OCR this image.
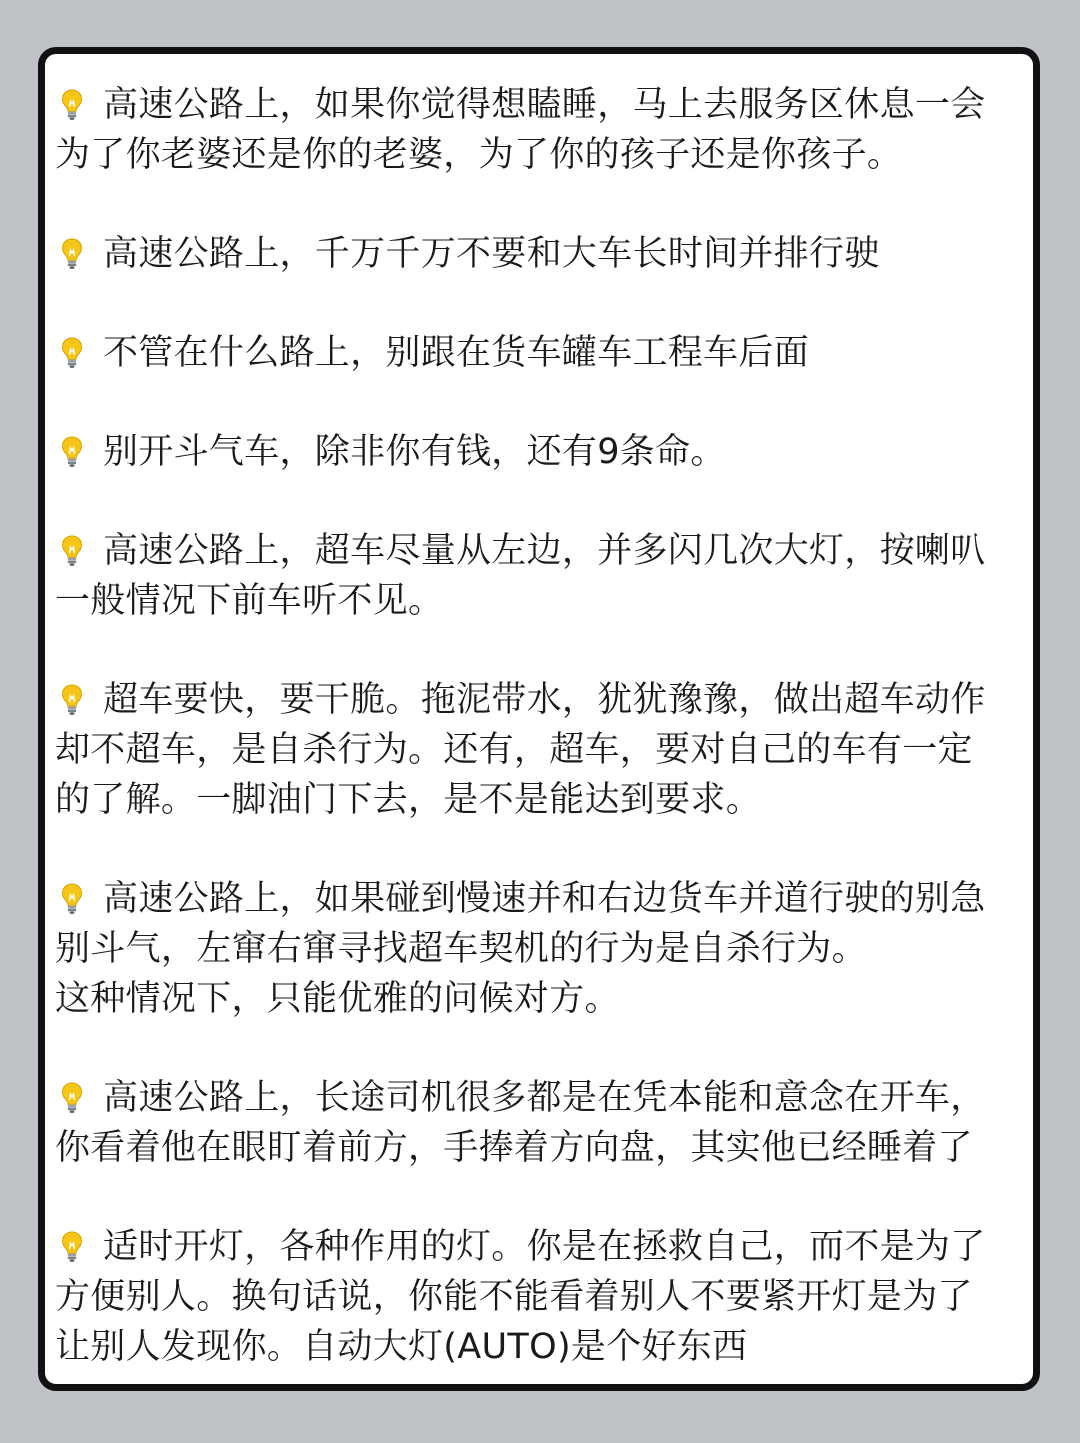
高速公路上，如果你觉得想瞌睡，马上去服务区休息一会
为了你老婆还是你的老婆，为了你的孩子还是你孩子。
高速公路上，千万千万不要和大车长时间并排行驶
不管在什么路上，别跟在货车罐车工程车后面
别开斗气车，除非你有钱，还有9条命。
高速公路上，超车尽量从左边，并多闪几次大灯，按喇叭
一般情况下前车听不见。
超车要快，要干脆。拖泥带水，犹犹豫豫，做出超车动作
却不超车，是自杀行为。还有，超车，要对自己的车有一定
的了解。一脚油门下去，是不是能达到要求。
高速公路上，如果碰到慢速并和右边货车并道行驶的别急
别斗气，左窜右窜寻找超车契机的行为是自杀行为。
这种情况下，只能优雅的问候对方。
高速公路上，长途司机很多都是在凭本能和意念在开车，
你看着他在眼盯着前方，手捧着方向盘，其实他已经睡着了
适时开灯，各种作用的灯。你是在拯救自己，而不是为了
方便别人。换句话说，你能不能看着别人不要紧开灯是为了
让别人发现你。自动大灯(AUTO)是个好东西
